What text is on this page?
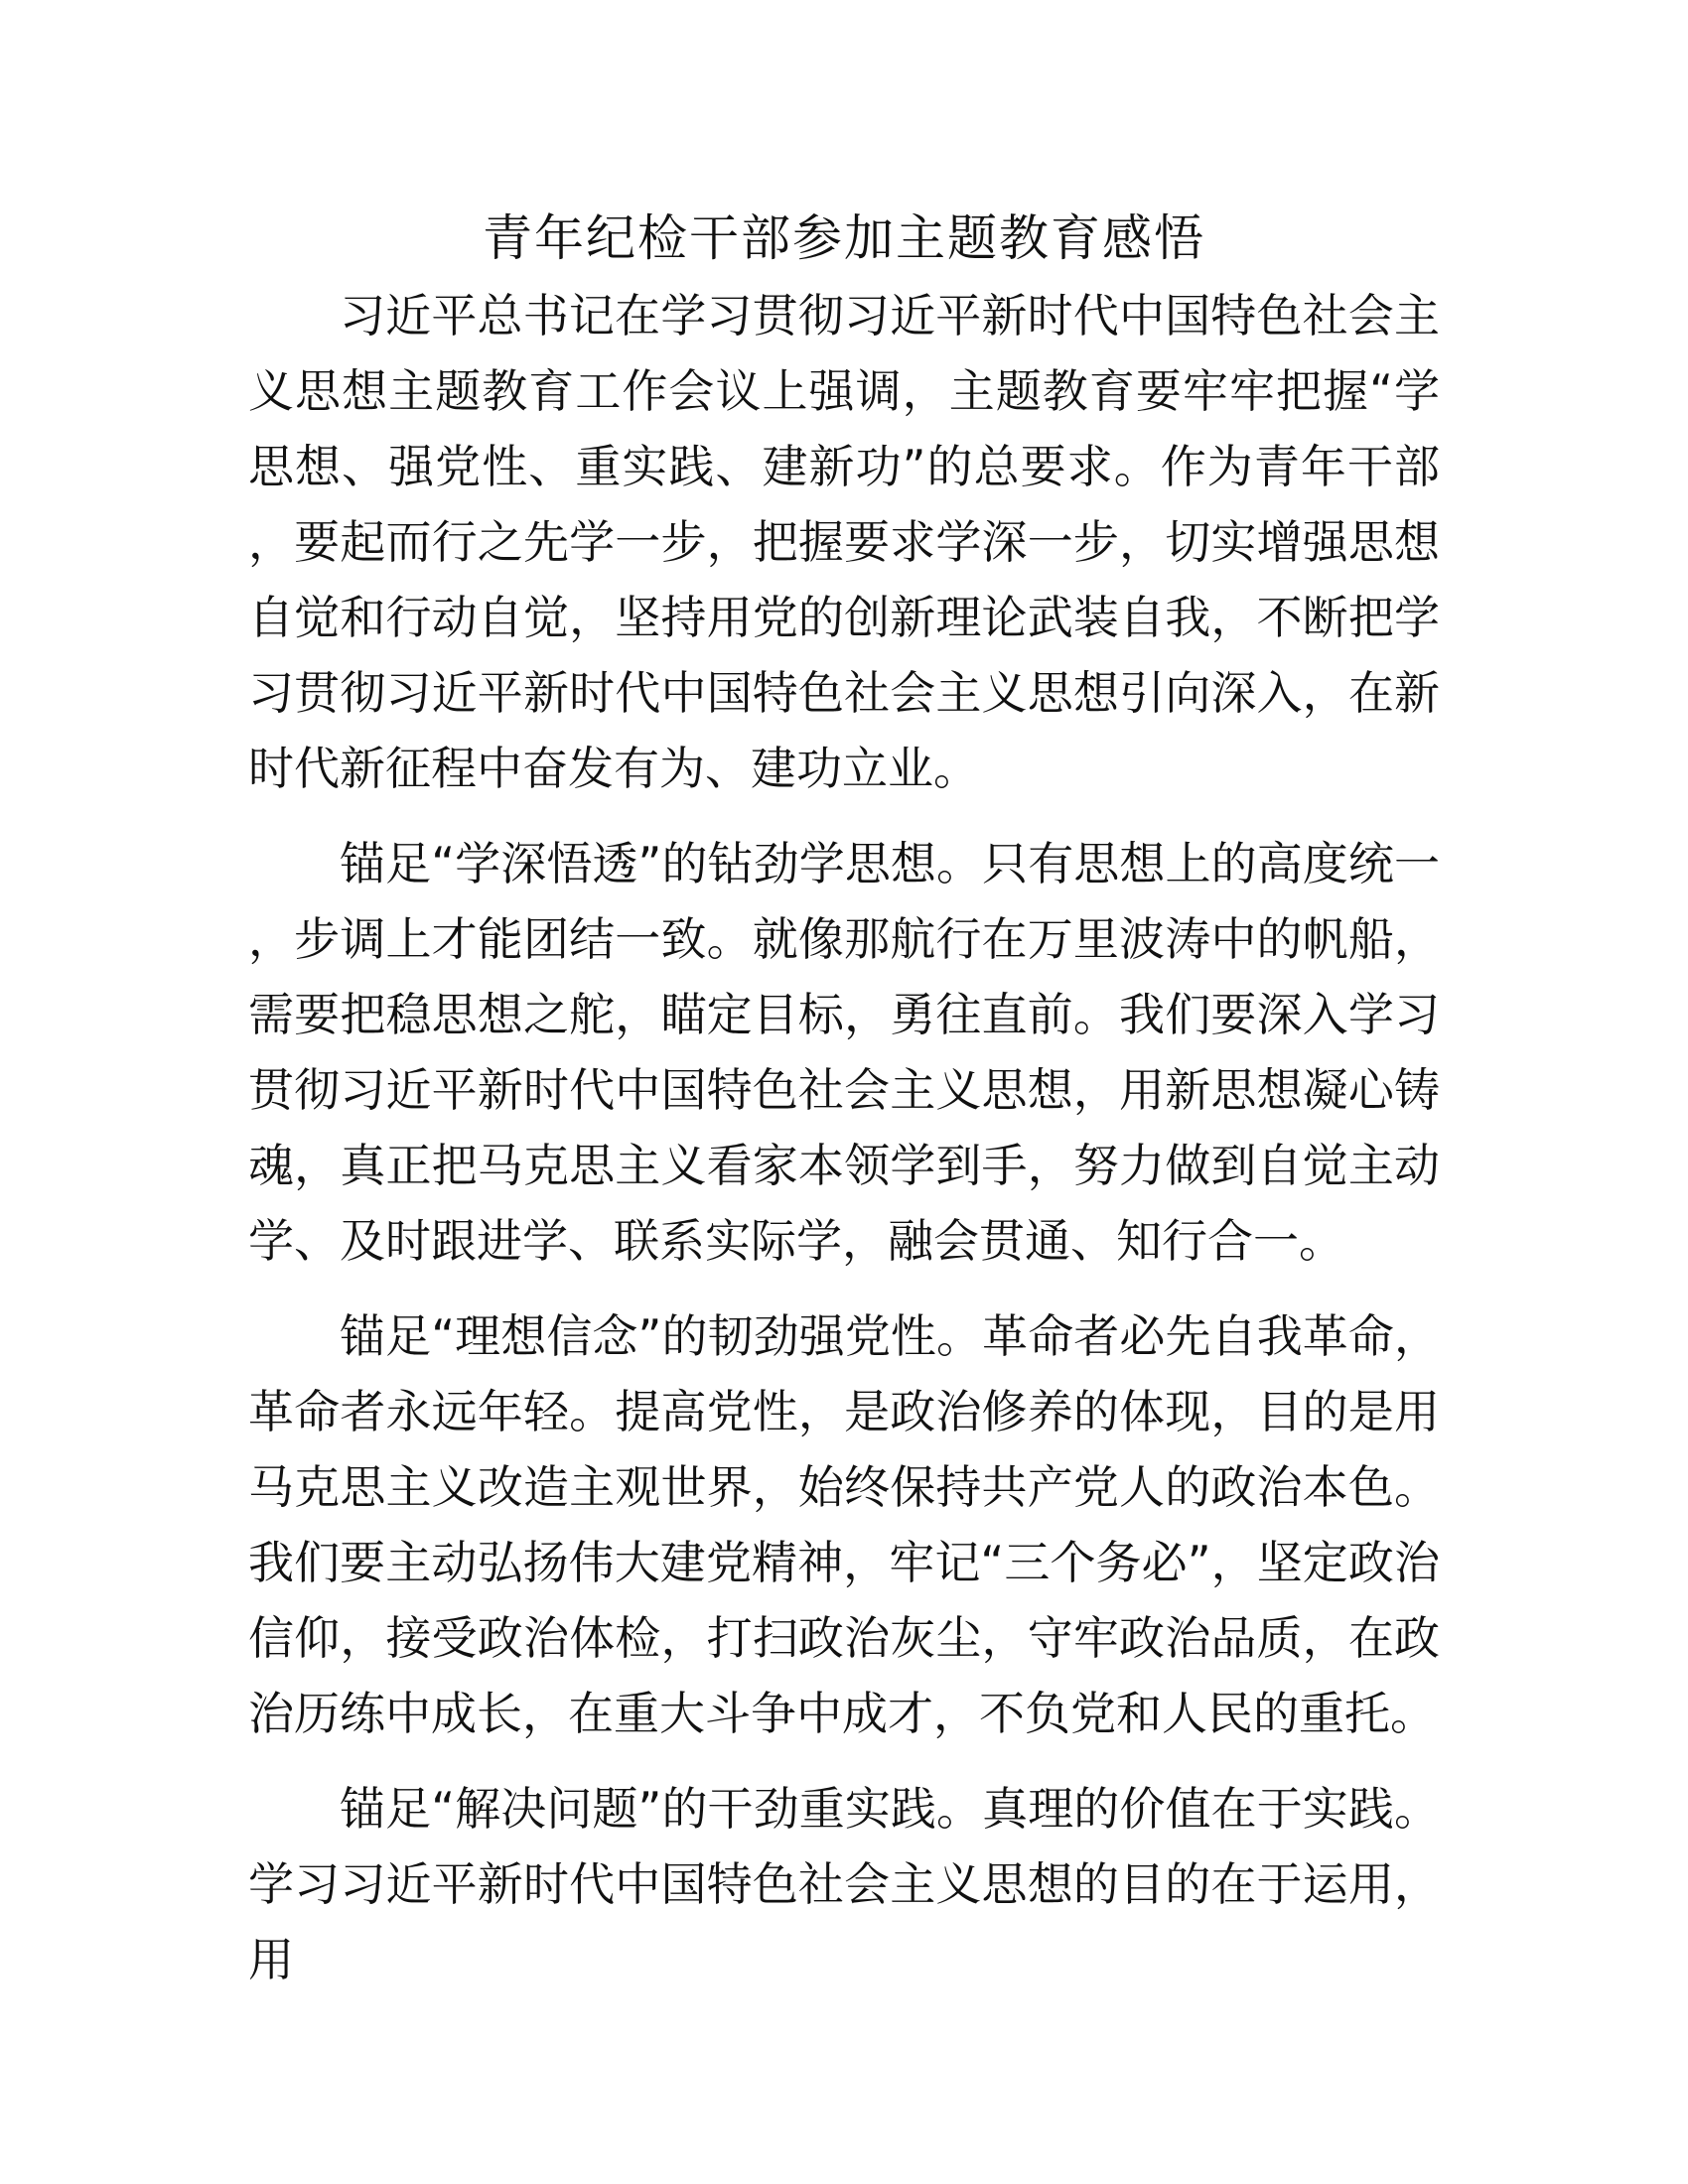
青年纪检干部参加主题教育感悟

习近平总书记在学习贯彻习近平新时代中国特色社会主义思想主题教育工作会议上强调，主题教育要牢牢把握“学思想、强党性、重实践、建新功”的总要求。作为青年干部，要起而行之先学一步，把握要求学深一步，切实增强思想自觉和行动自觉，坚持用党的创新理论武装自我，不断把学习贯彻习近平新时代中国特色社会主义思想引向深入，在新时代新征程中奋发有为、建功立业。

锚足“学深悟透”的钻劲学思想。只有思想上的高度统一，步调上才能团结一致。就像那航行在万里波涛中的帆船，需要把稳思想之舵，瞄定目标，勇往直前。我们要深入学习贯彻习近平新时代中国特色社会主义思想，用新思想凝心铸魂，真正把马克思主义看家本领学到手，努力做到自觉主动学、及时跟进学、联系实际学，融会贯通、知行合一。

锚足“理想信念”的韧劲强党性。革命者必先自我革命，革命者永远年轻。提高党性，是政治修养的体现，目的是用马克思主义改造主观世界，始终保持共产党人的政治本色。我们要主动弘扬伟大建党精神，牢记“三个务必”，坚定政治信仰，接受政治体检，打扫政治灰尘，守牢政治品质，在政治历练中成长，在重大斗争中成才，不负党和人民的重托。

锚足“解决问题”的干劲重实践。真理的价值在于实践。学习习近平新时代中国特色社会主义思想的目的在于运用，用
